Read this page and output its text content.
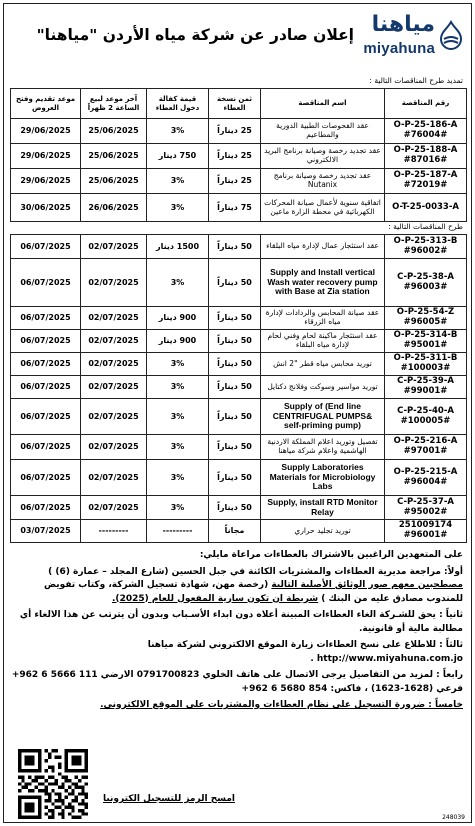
مياهنا
miyahuna
إعلان صادر عن شركة مياه الأردن "مياهنا"
تمديد طرح المناقصات التالية :
رقم المناقصة	اسم المناقصة	ثمن نسخة العطاء	قيمة كفالة دخول العطاء	آخر موعد لبيع الساعة 2 ظهراً	موعد تقديم وفتح العروض
O-P-25-186-A #76004#	عقد الفحوصات الطبية الدورية والمطاعيم	25 ديناراً	3%	25/06/2025	29/06/2025
O-P-25-188-A #87016#	عقد تجديد رخصة وصيانة برنامج البريد الالكتروني	25 ديناراً	750 دينار	25/06/2025	29/06/2025
O-P-25-187-A #72019#	عقد تجديد رخصة وصيانة برنامج Nutanix	25 ديناراً	3%	25/06/2025	29/06/2025
O-T-25-0033-A	اتفاقية سنوية لأعمال صيانة المحركات الكهربائية في محطة الزارة ماعين	75 ديناراً	3%	26/06/2025	30/06/2025
طرح المناقصات التالية :
O-P-25-313-B #96002#	عقد استئجار عمال لإدارة مياه البلقاء	50 ديناراً	1500 دينار	02/07/2025	06/07/2025
C-P-25-38-A #96003#	Supply and Install vertical Wash water recovery pump with Base at Zia station	50 ديناراً	3%	02/07/2025	06/07/2025
O-P-25-54-Z #96005#	عقد صيانة المحابس والردادات لإدارة مياه الزرقاء	50 ديناراً	900 دينار	02/07/2025	06/07/2025
O-P-25-314-B #95001#	عقد استئجار ماكينة لحام وفني لحام لإدارة مياه البلقاء	50 ديناراً	900 دينار	02/07/2025	06/07/2025
O-P-25-311-B #100003#	توريد محابس مياه قطر "2 انش	50 ديناراً	3%	02/07/2025	06/07/2025
C-P-25-39-A #99001#	توريد مواسير وسوكت وفلانج دكتايل	50 ديناراً	3%	02/07/2025	06/07/2025
C-P-25-40-A #100005#	Supply of (End line CENTRIFUGAL PUMPS& self-priming pump)	50 ديناراً	3%	02/07/2025	06/07/2025
O-P-25-216-A #97001#	تفصيل وتوريد اعلام المملكة الاردنية الهاشمية واعلام شركة مياهنا	50 ديناراً	3%	02/07/2025	06/07/2025
O-P-25-215-A #96004#	Supply Laboratories Materials for Microbiology Labs	50 ديناراً	3%	02/07/2025	06/07/2025
C-P-25-37-A #95002#	Supply, install RTD Monitor Relay	50 ديناراً	3%	02/07/2025	06/07/2025
251009174 #96001#	توريد تجليد حراري	مجاناً	---------	---------	03/07/2025

على المتعهدين الراغبين بالاشتراك بالعطاءات مراعاة مايلي:

أولاً: مراجعة مديرية العطاءات والمشتريات الكائنة في جبل الحسين (شارع المجلد – عمارة (6) ) مصطحبين معهم صور الوثائق الأصلية التالية (رخصة مهن، شهادة تسجيل الشركة، وكتاب تفويض للمندوب مصادق عليه من البنك ) شريطة ان تكون سارية المفعول للعام (2025).

ثانياً : يحق للشـركة الغاء العطاءات المبينة أعلاه دون ابداء الأسـباب وبدون أن يترتب عن هذا الالغاء أي مطالبة مالية أو قانونية.

ثالثاً : للاطلاع على نسخ العطاءات زيارة الموقع الالكتروني لشركة مياهنا http://www.miyahuna.com.jo .

رابعاً : لمزيد من التفاصيل يرجى الاتصال على هاتف الخلوي 0791700823 الارضي +962 6 5666 111 فرعي (1628-1623) ، فاكس: +962 6 5680 854

خامساً : ضرورة التسجيل على نظام العطاءات والمشتريات على الموقع الالكتروني.

امسح الرمز للتسجيل الكترونيا
248039
